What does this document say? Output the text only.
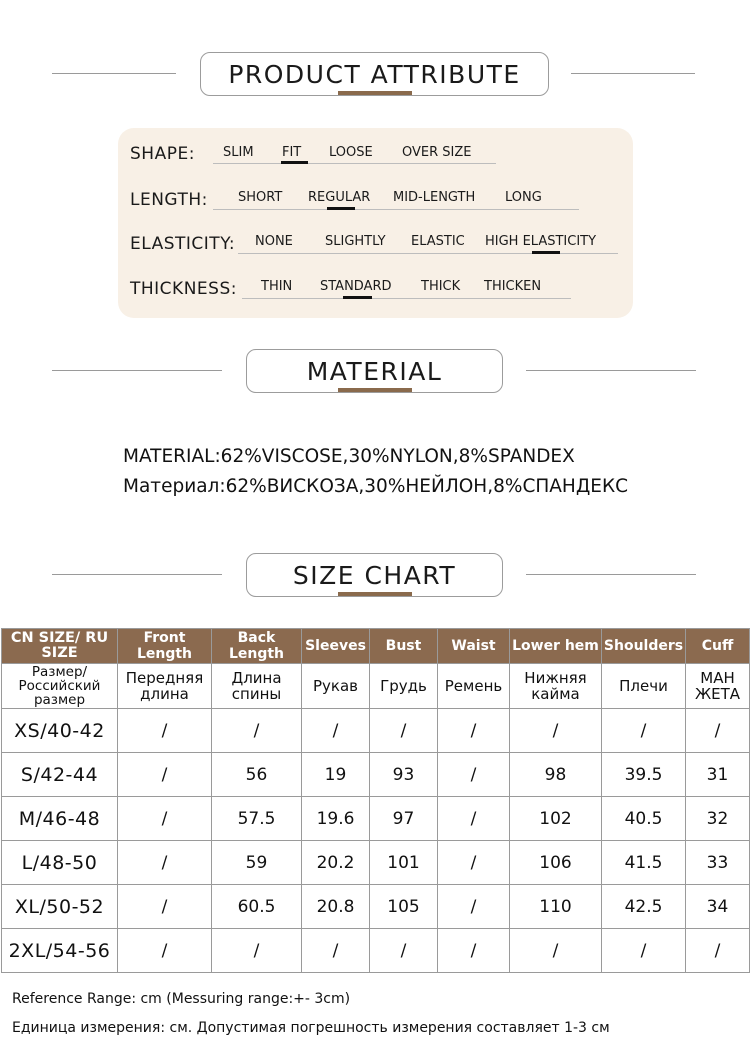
PRODUCT ATTRIBUTE
SHAPE: SLIM FIT LOOSE OVER SIZE
LENGTH: SHORT REGULAR MID-LENGTH LONG
ELASTICITY: NONE SLIGHTLY ELASTIC HIGH ELASTICITY
THICKNESS: THIN STANDARD THICK THICKEN
MATERIAL
MATERIAL:62%VISCOSE,30%NYLON,8%SPANDEX
Материал:62%ВИСКОЗА,30%НЕЙЛОН,8%СПАНДЕКС
SIZE CHART
CN SIZE/ RU SIZE	Front Length	Back Length	Sleeves	Bust	Waist	Lower hem	Shoulders	Cuff
Размер/ Российский размер	Передняя длина	Длина спины	Рукав	Грудь	Ремень	Нижняя кайма	Плечи	МАН ЖЕТА
XS/40-42	/	/	/	/	/	/	/	/
S/42-44	/	56	19	93	/	98	39.5	31
M/46-48	/	57.5	19.6	97	/	102	40.5	32
L/48-50	/	59	20.2	101	/	106	41.5	33
XL/50-52	/	60.5	20.8	105	/	110	42.5	34
2XL/54-56	/	/	/	/	/	/	/	/
Reference Range: cm (Messuring range:+- 3cm)
Единица измерения: см. Допустимая погрешность измерения составляет 1-3 см
